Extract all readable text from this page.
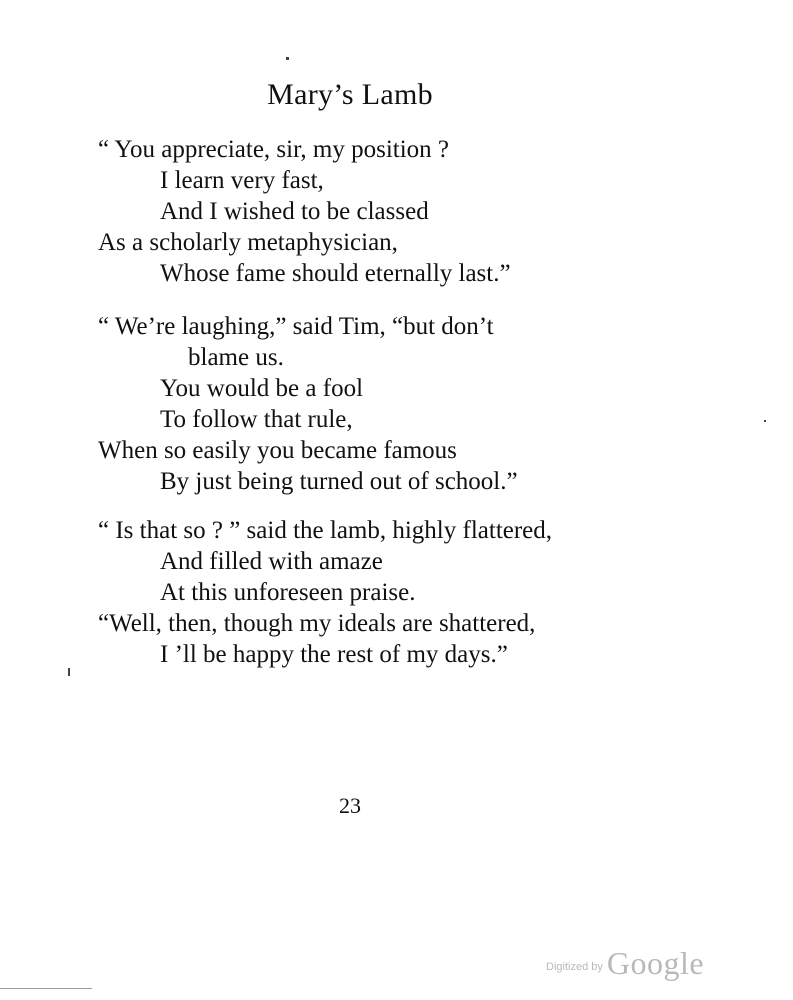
Mary’s Lamb
“ You appreciate, sir, my position ?
I learn very fast,
And I wished to be classed
As a scholarly metaphysician,
Whose fame should eternally last.”
“ We’re laughing,” said Tim, “but don’t
blame us.
You would be a fool
To follow that rule,
When so easily you became famous
By just being turned out of school.”
“ Is that so ? ” said the lamb, highly flattered,
And filled with amaze
At this unforeseen praise.
“Well, then, though my ideals are shattered,
I ’ll be happy the rest of my days.”
23
$^{Digitized by}$ Google
